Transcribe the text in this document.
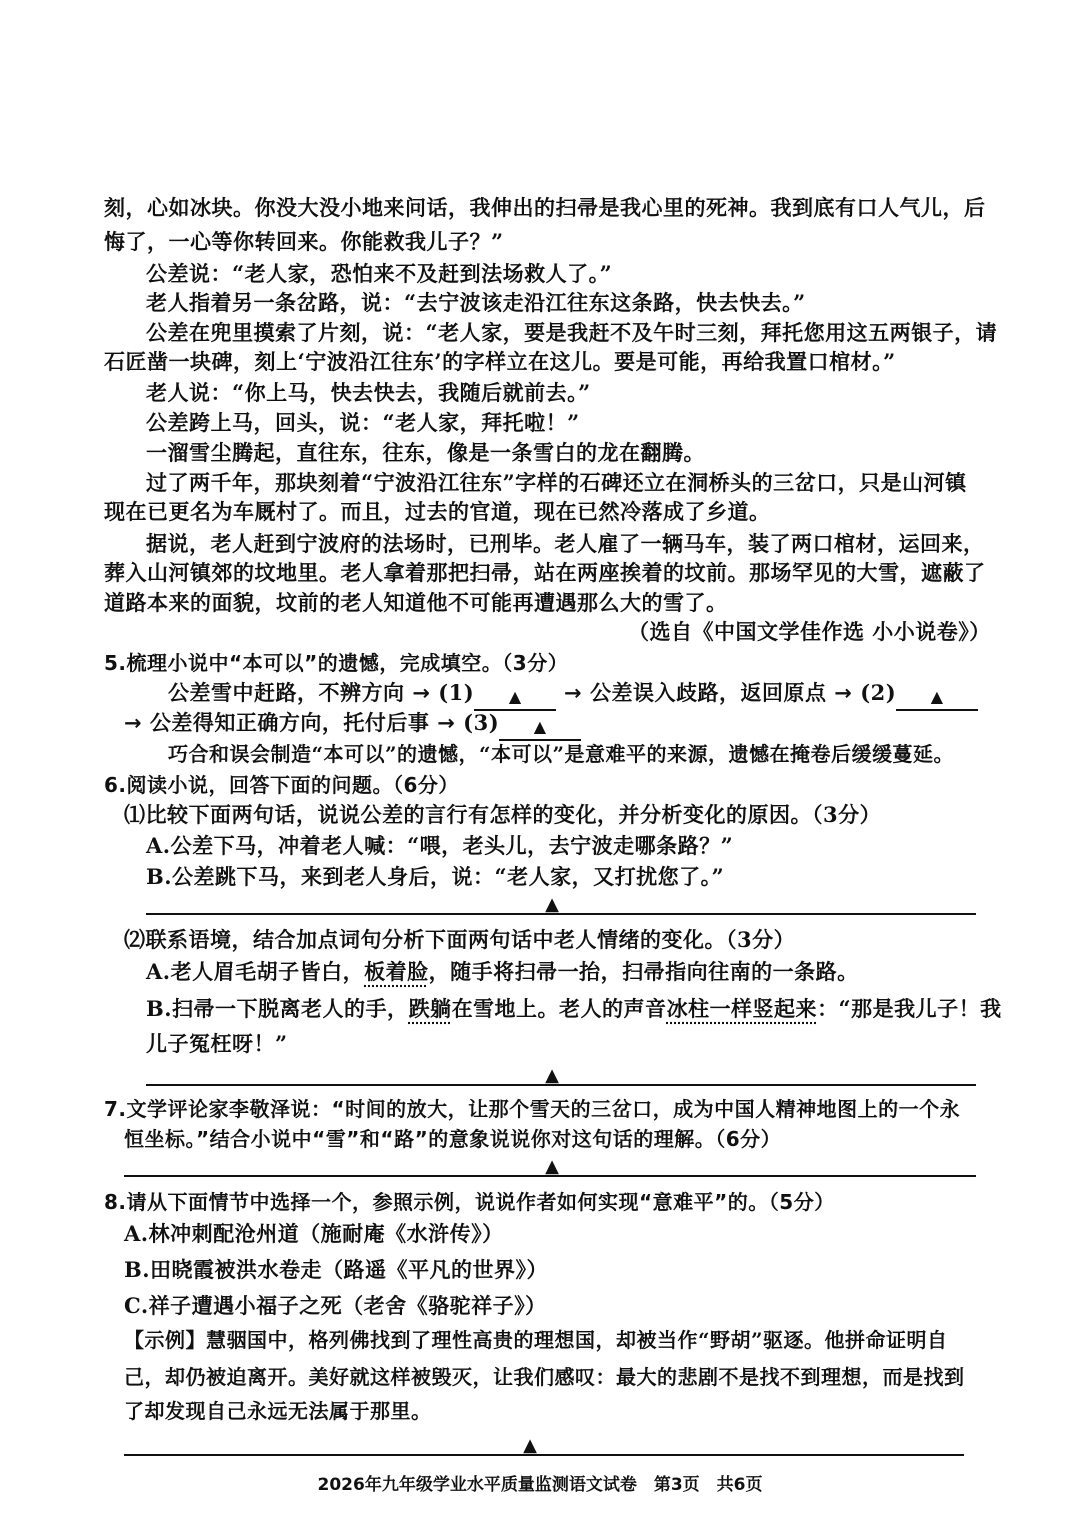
刻，心如冰块。你没大没小地来问话，我伸出的扫帚是我心里的死神。我到底有口人气儿，后
悔了，一心等你转回来。你能救我儿子？”
公差说：“老人家，恐怕来不及赶到法场救人了。”
老人指着另一条岔路，说：“去宁波该走沿江往东这条路，快去快去。”
公差在兜里摸索了片刻，说：“老人家，要是我赶不及午时三刻，拜托您用这五两银子，请
石匠凿一块碑，刻上‘宁波沿江往东’的字样立在这儿。要是可能，再给我置口棺材。”
老人说：“你上马，快去快去，我随后就前去。”
公差跨上马，回头，说：“老人家，拜托啦！”
一溜雪尘腾起，直往东，往东，像是一条雪白的龙在翻腾。
过了两千年，那块刻着“宁波沿江往东”字样的石碑还立在洞桥头的三岔口，只是山河镇
现在已更名为车厩村了。而且，过去的官道，现在已然冷落成了乡道。
据说，老人赶到宁波府的法场时，已刑毕。老人雇了一辆马车，装了两口棺材，运回来，
葬入山河镇郊的坟地里。老人拿着那把扫帚，站在两座挨着的坟前。那场罕见的大雪，遮蔽了
道路本来的面貌，坟前的老人知道他不可能再遭遇那么大的雪了。
（选自《中国文学佳作选 小小说卷》）
5.梳理小说中“本可以”的遗憾，完成填空。（3分）
公差雪中赶路，不辨方向 → (1) ▲ → 公差误入歧路，返回原点 → (2) ▲
→ 公差得知正确方向，托付后事 → (3) ▲
巧合和误会制造“本可以”的遗憾，“本可以”是意难平的来源，遗憾在掩卷后缓缓蔓延。
6.阅读小说，回答下面的问题。（6分）
⑴比较下面两句话，说说公差的言行有怎样的变化，并分析变化的原因。（3分）
A.公差下马，冲着老人喊：“喂，老头儿，去宁波走哪条路？”
B.公差跳下马，来到老人身后，说：“老人家，又打扰您了。”
▲
⑵联系语境，结合加点词句分析下面两句话中老人情绪的变化。（3分）
A.老人眉毛胡子皆白，板着脸，随手将扫帚一抬，扫帚指向往南的一条路。
B.扫帚一下脱离老人的手，跌躺在雪地上。老人的声音冰柱一样竖起来：“那是我儿子！我
儿子冤枉呀！”
▲
7.文学评论家李敬泽说：“时间的放大，让那个雪天的三岔口，成为中国人精神地图上的一个永
恒坐标。”结合小说中“雪”和“路”的意象说说你对这句话的理解。（6分）
▲
8.请从下面情节中选择一个，参照示例，说说作者如何实现“意难平”的。（5分）
A.林冲刺配沧州道（施耐庵《水浒传》）
B.田晓霞被洪水卷走（路遥《平凡的世界》）
C.祥子遭遇小福子之死（老舍《骆驼祥子》）
【示例】慧骃国中，格列佛找到了理性高贵的理想国，却被当作“野胡”驱逐。他拼命证明自
己，却仍被迫离开。美好就这样被毁灭，让我们感叹：最大的悲剧不是找不到理想，而是找到
了却发现自己永远无法属于那里。
▲
2026年九年级学业水平质量监测语文试卷　第3页　共6页
